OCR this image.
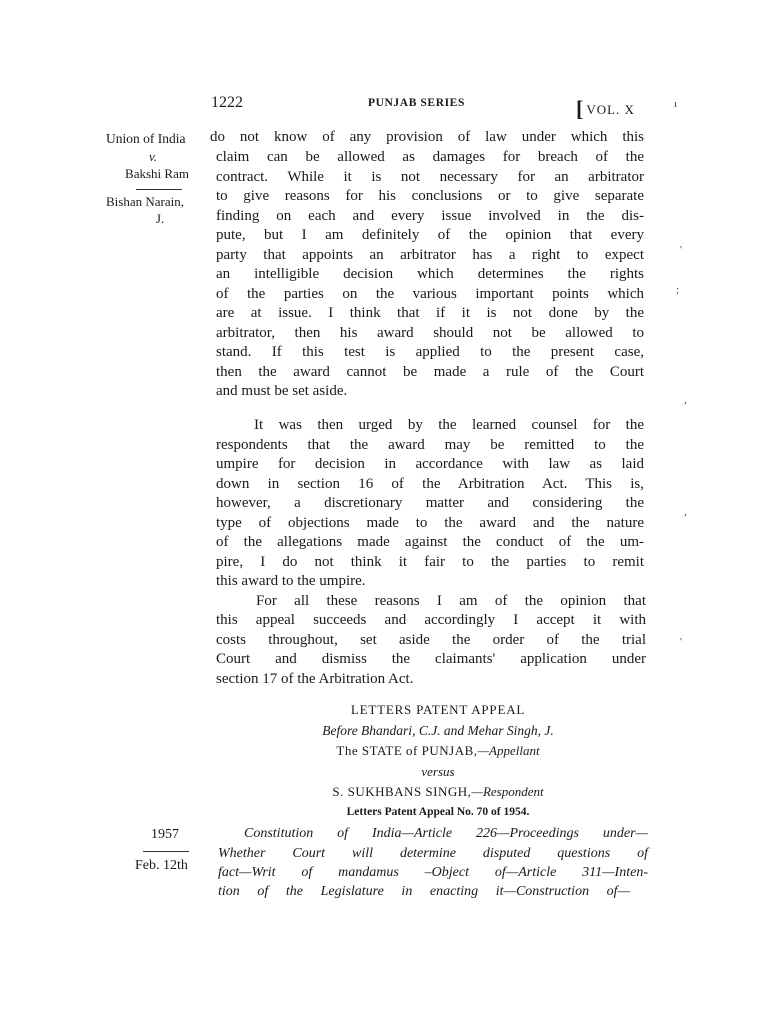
1222	PUNJAB SERIES	[ VOL. X
Union of India
v.
Bakshi Ram
Bishan Narain,
J.
do not know of any provision of law under which this
claim can be allowed as damages for breach of the
contract. While it is not necessary for an arbitrator
to give reasons for his conclusions or to give separate
finding on each and every issue involved in the dis-
pute, but I am definitely of the opinion that every
party that appoints an arbitrator has a right to expect
an intelligible decision which determines the rights
of the parties on the various important points which
are at issue. I think that if it is not done by the
arbitrator, then his award should not be allowed to
stand. If this test is applied to the present case,
then the award cannot be made a rule of the Court
and must be set aside.
It was then urged by the learned counsel for the
respondents that the award may be remitted to the
umpire for decision in accordance with law as laid
down in section 16 of the Arbitration Act. This is,
however, a discretionary matter and considering the
type of objections made to the award and the nature
of the allegations made against the conduct of the um-
pire, I do not think it fair to the parties to remit
this award to the umpire.
For all these reasons I am of the opinion that
this appeal succeeds and accordingly I accept it with
costs throughout, set aside the order of the trial
Court and dismiss the claimants' application under
section 17 of the Arbitration Act.
LETTERS PATENT APPEAL
Before Bhandari, C.J. and Mehar Singh, J.
The STATE of PUNJAB,—Appellant
versus
S. SUKHBANS SINGH,—Respondent
Letters Patent Appeal No. 70 of 1954.
1957
Feb. 12th
Constitution of India—Article 226—Proceedings under—
Whether Court will determine disputed questions of
fact—Writ of mandamus –Object of—Article 311—Inten-
tion of the Legislature in enacting it—Construction of—
ı
'
;
,
,
'
